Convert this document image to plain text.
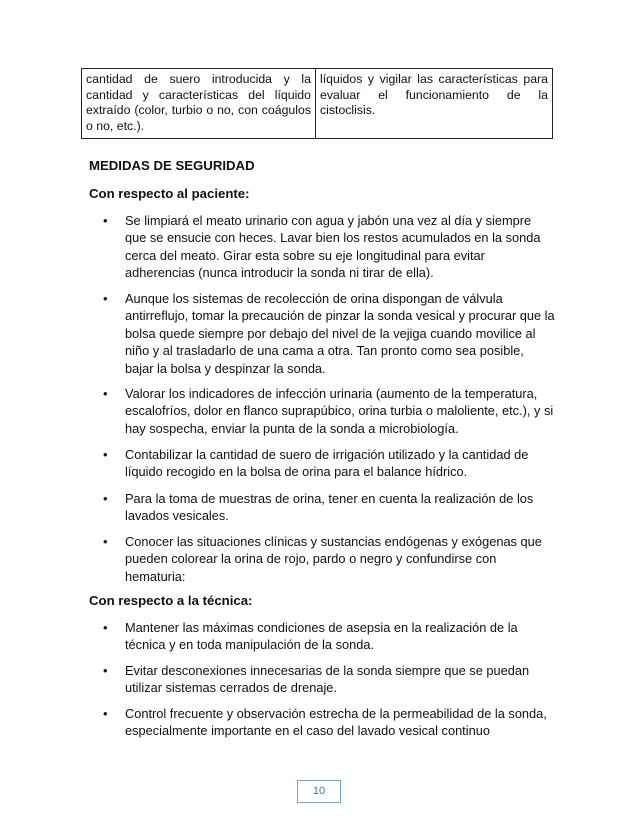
cantidad de suero introducida y la cantidad y características del líquido extraído (color, turbio o no, con coágulos o no, etc.).
líquidos y vigilar las características para evaluar el funcionamiento de la cistoclisis.
MEDIDAS DE SEGURIDAD
Con respecto al paciente:
• Se limpiará el meato urinario con agua y jabón una vez al día y siempre que se ensucie con heces. Lavar bien los restos acumulados en la sonda cerca del meato. Girar esta sobre su eje longitudinal para evitar adherencias (nunca introducir la sonda ni tirar de ella).
• Aunque los sistemas de recolección de orina dispongan de válvula antirreflujo, tomar la precaución de pinzar la sonda vesical y procurar que la bolsa quede siempre por debajo del nivel de la vejiga cuando movilice al niño y al trasladarlo de una cama a otra. Tan pronto como sea posible, bajar la bolsa y despinzar la sonda.
• Valorar los indicadores de infección urinaria (aumento de la temperatura, escalofríos, dolor en flanco suprapúbico, orina turbia o maloliente, etc.), y si hay sospecha, enviar la punta de la sonda a microbiología.
• Contabilizar la cantidad de suero de irrigación utilizado y la cantidad de líquido recogido en la bolsa de orina para el balance hídrico.
• Para la toma de muestras de orina, tener en cuenta la realización de los lavados vesicales.
• Conocer las situaciones clínicas y sustancias endógenas y exógenas que pueden colorear la orina de rojo, pardo o negro y confundirse con hematuria:
Con respecto a la técnica:
• Mantener las máximas condiciones de asepsia en la realización de la técnica y en toda manipulación de la sonda.
• Evitar desconexiones innecesarias de la sonda siempre que se puedan utilizar sistemas cerrados de drenaje.
• Control frecuente y observación estrecha de la permeabilidad de la sonda, especialmente importante en el caso del lavado vesical continuo
10
